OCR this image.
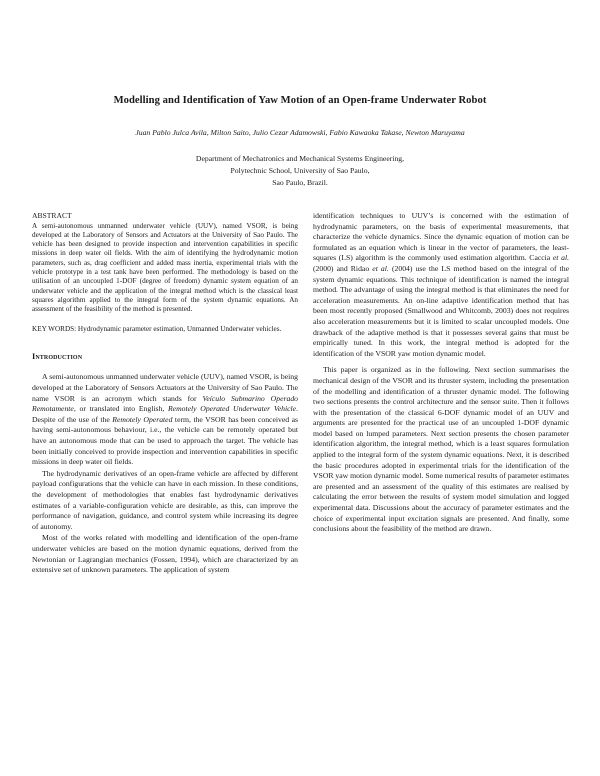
Modelling and Identification of Yaw Motion of an Open-frame Underwater Robot
Juan Pablo Julca Avila, Milton Saito, Julio Cezar Adamowski, Fabio Kawaoka Takase, Newton Maruyama
Department of Mechatronics and Mechanical Systems Engineering,
Polytechnic School, University of Sao Paulo,
Sao Paulo, Brazil.
ABSTRACT

A semi-autonomous unmanned underwater vehicle (UUV), named VSOR, is being developed at the Laboratory of Sensors and Actuators at the University of Sao Paulo. The vehicle has been designed to provide inspection and intervention capabilities in specific missions in deep water oil fields. With the aim of identifying the hydrodynamic motion parameters, such as, drag coefficient and added mass inertia, experimental trials with the vehicle prototype in a test tank have been performed. The methodology is based on the utilisation of an uncoupled 1-DOF (degree of freedom) dynamic system equation of an underwater vehicle and the application of the integral method which is the classical least squares algorithm applied to the integral form of the system dynamic equations. An assessment of the feasibility of the method is presented.

KEY WORDS: Hydrodynamic parameter estimation, Unmanned Underwater vehicles.

Introduction

A semi-autonomous unmanned underwater vehicle (UUV), named VSOR, is being developed at the Laboratory of Sensors Actuators at the University of Sao Paulo. The name VSOR is an acronym which stands for Veículo Submarino Operado Remotamente, or translated into English, Remotely Operated Underwater Vehicle. Despite of the use of the Remotely Operated term, the VSOR has been conceived as having semi-autonomous behaviour, i.e., the vehicle can be remotely operated but have an autonomous mode that can be used to approach the target. The vehicle has been initially conceived to provide inspection and intervention capabilities in specific missions in deep water oil fields.

The hydrodynamic derivatives of an open-frame vehicle are affected by different payload configurations that the vehicle can have in each mission. In these conditions, the development of methodologies that enables fast hydrodynamic derivatives estimates of a variable-configuration vehicle are desirable, as this, can improve the performance of navigation, guidance, and control system while increasing its degree of autonomy.

Most of the works related with modelling and identification of the open-frame underwater vehicles are based on the motion dynamic equations, derived from the Newtonian or Lagrangian mechanics (Fossen, 1994), which are characterized by an extensive set of unknown parameters. The application of system

identification techniques to UUV’s is concerned with the estimation of hydrodynamic parameters, on the basis of experimental measurements, that characterize the vehicle dynamics. Since the dynamic equation of motion can be formulated as an equation which is linear in the vector of parameters, the least-squares (LS) algorithm is the commonly used estimation algorithm. Caccia et al. (2000) and Ridao et al. (2004) use the LS method based on the integral of the system dynamic equations. This technique of identification is named the integral method. The advantage of using the integral method is that eliminates the need for acceleration measurements. An on-line adaptive identification method that has been most recently proposed (Smallwood and Whitcomb, 2003) does not requires also acceleration measurements but it is limited to scalar uncoupled models. One drawback of the adaptive method is that it possesses several gains that must be empirically tuned. In this work, the integral method is adopted for the identification of the VSOR yaw motion dynamic model.

This paper is organized as in the following. Next section summarises the mechanical design of the VSOR and its thruster system, including the presentation of the modelling and identification of a thruster dynamic model. The following two sections presents the control architecture and the sensor suite. Then it follows with the presentation of the classical 6-DOF dynamic model of an UUV and arguments are presented for the practical use of an uncoupled 1-DOF dynamic model based on lumped parameters. Next section presents the chosen parameter identification algorithm, the integral method, which is a least squares formulation applied to the integral form of the system dynamic equations. Next, it is described the basic procedures adopted in experimental trials for the identification of the VSOR yaw motion dynamic model. Some numerical results of parameter estimates are presented and an assessment of the quality of this estimates are realised by calculating the error between the results of system model simulation and logged experimental data. Discussions about the accuracy of parameter estimates and the choice of experimental input excitation signals are presented. And finally, some conclusions about the feasibility of the method are drawn.
